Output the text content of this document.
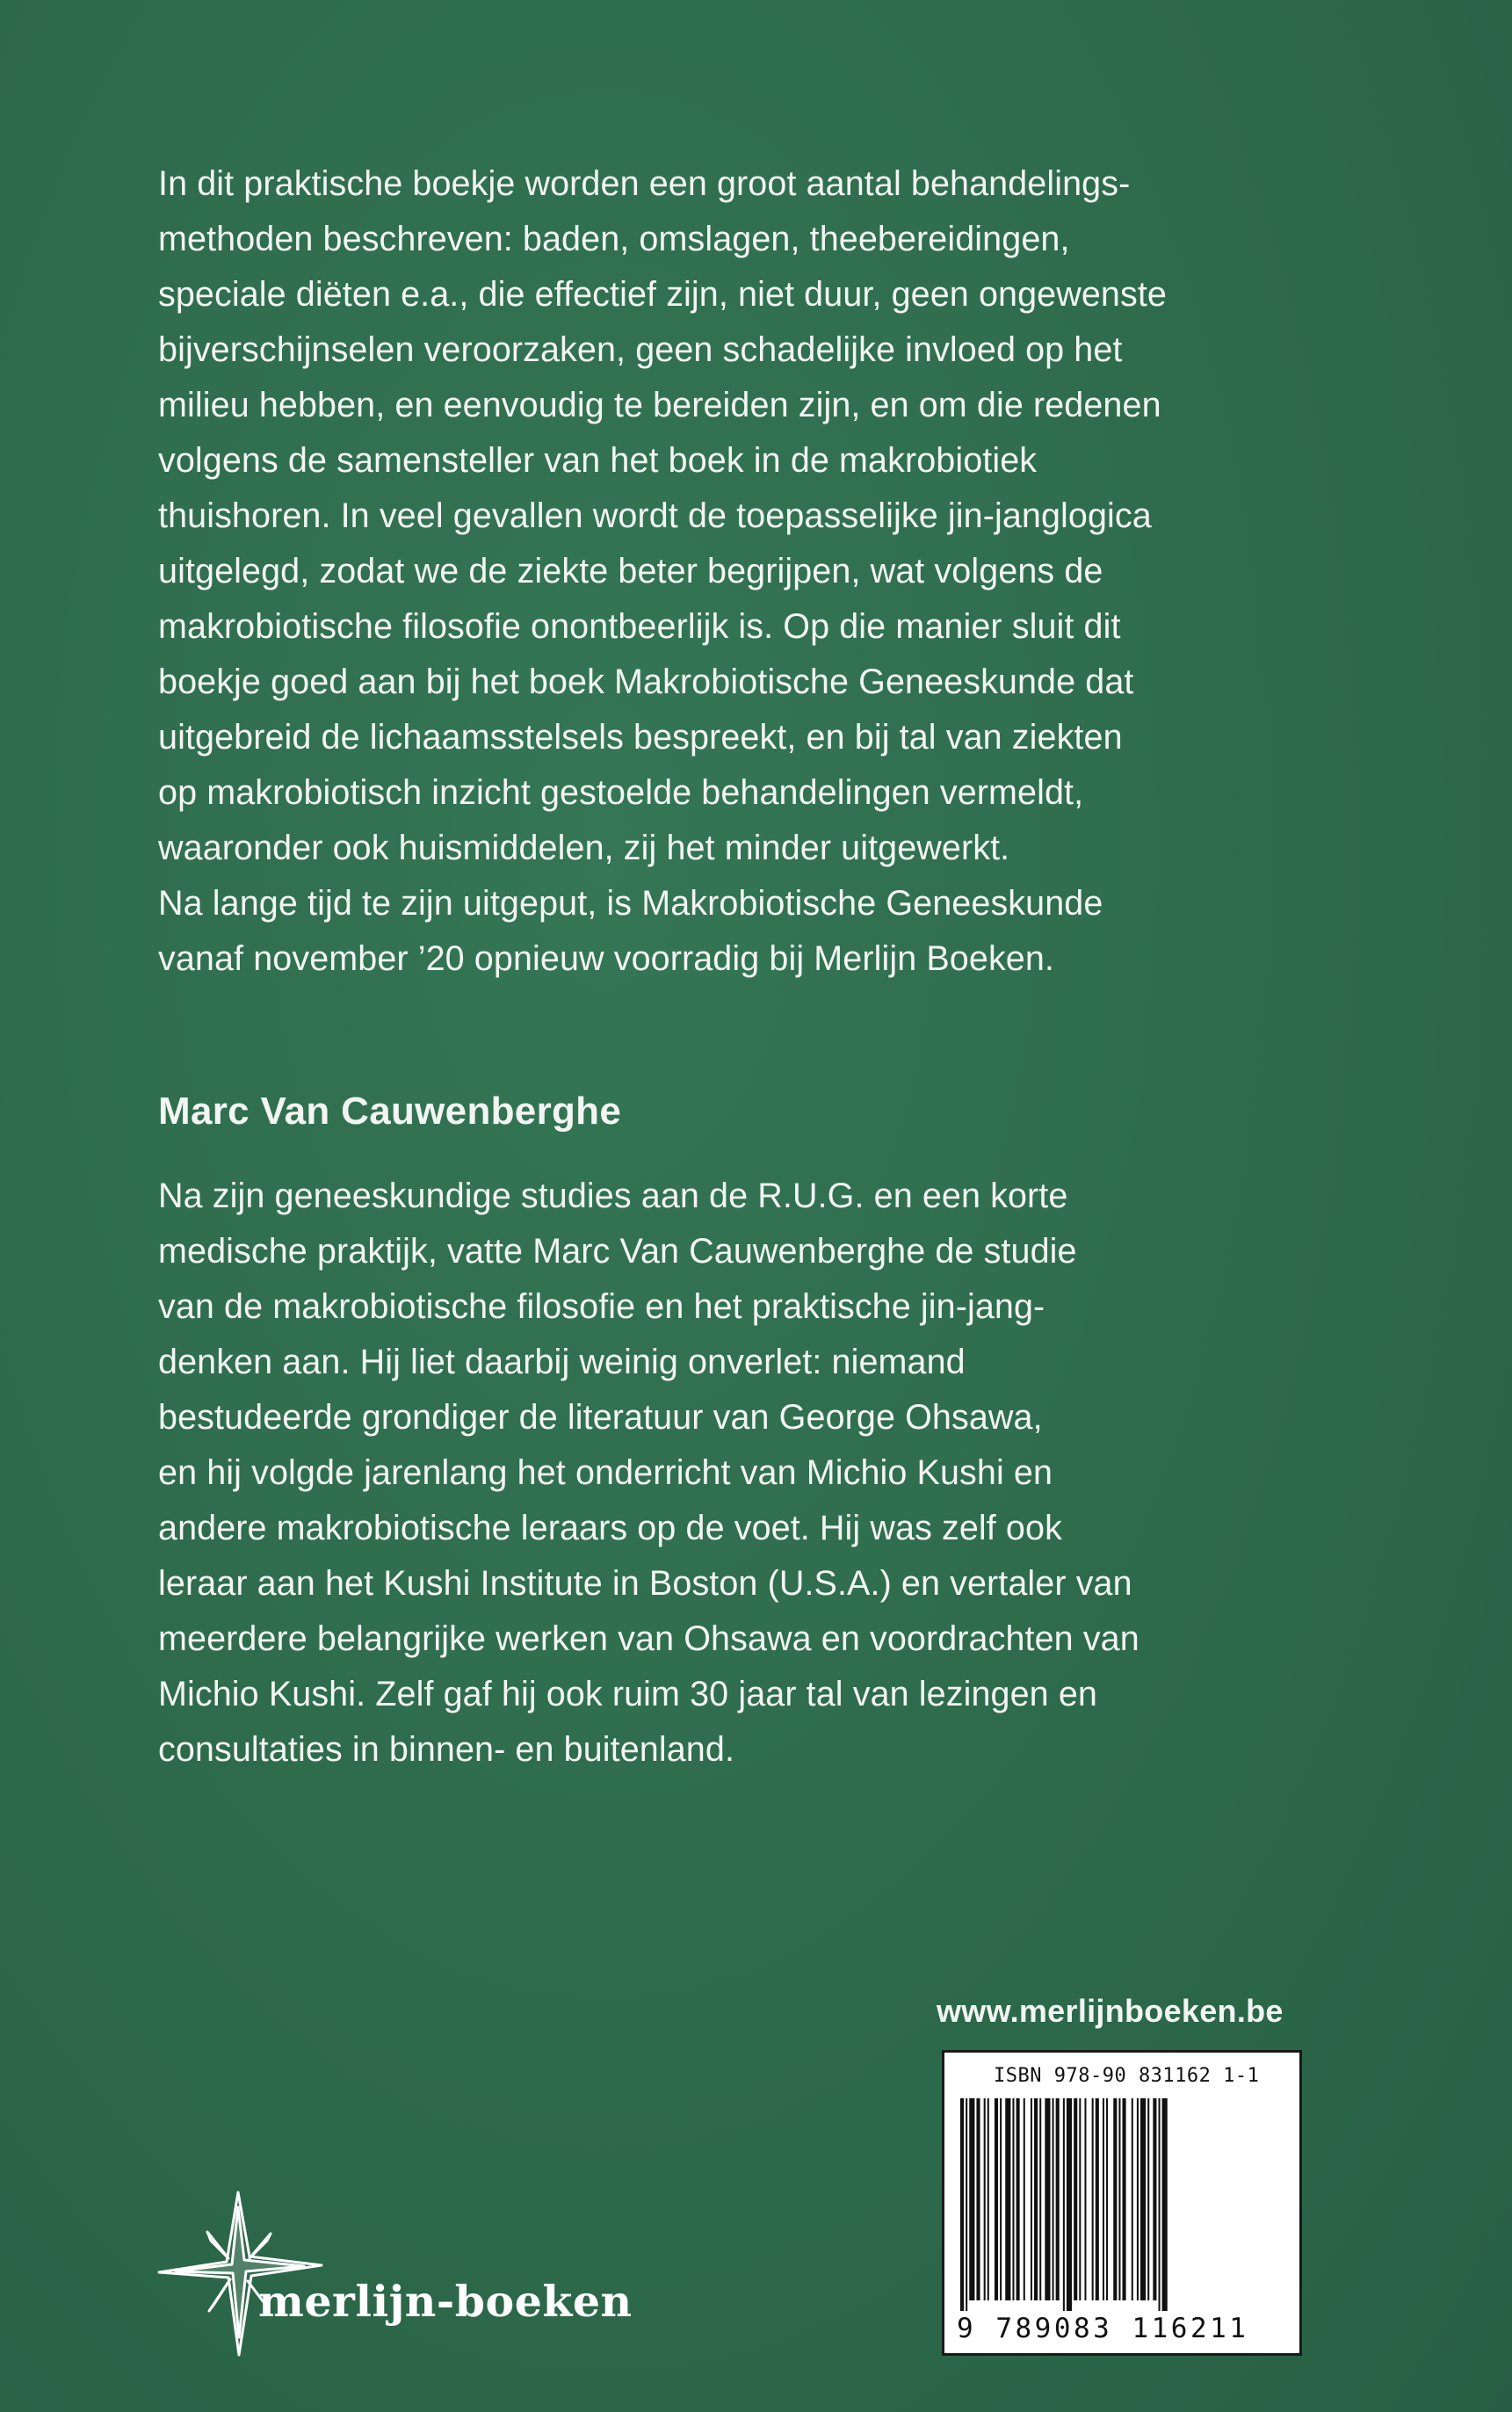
In dit praktische boekje worden een groot aantal behandelings-
methoden beschreven: baden, omslagen, theebereidingen,
speciale diëten e.a., die effectief zijn, niet duur, geen ongewenste
bijverschijnselen veroorzaken, geen schadelijke invloed op het
milieu hebben, en eenvoudig te bereiden zijn, en om die redenen
volgens de samensteller van het boek in de makrobiotiek
thuishoren. In veel gevallen wordt de toepasselijke jin-janglogica
uitgelegd, zodat we de ziekte beter begrijpen, wat volgens de
makrobiotische filosofie onontbeerlijk is. Op die manier sluit dit
boekje goed aan bij het boek Makrobiotische Geneeskunde dat
uitgebreid de lichaamsstelsels bespreekt, en bij tal van ziekten
op makrobiotisch inzicht gestoelde behandelingen vermeldt,
waaronder ook huismiddelen, zij het minder uitgewerkt.
Na lange tijd te zijn uitgeput, is Makrobiotische Geneeskunde
vanaf november ’20 opnieuw voorradig bij Merlijn Boeken.
Marc Van Cauwenberghe
Na zijn geneeskundige studies aan de R.U.G. en een korte
medische praktijk, vatte Marc Van Cauwenberghe de studie
van de makrobiotische filosofie en het praktische jin-jang-
denken aan. Hij liet daarbij weinig onverlet: niemand
bestudeerde grondiger de literatuur van George Ohsawa,
en hij volgde jarenlang het onderricht van Michio Kushi en
andere makrobiotische leraars op de voet. Hij was zelf ook
leraar aan het Kushi Institute in Boston (U.S.A.) en vertaler van
meerdere belangrijke werken van Ohsawa en voordrachten van
Michio Kushi. Zelf gaf hij ook ruim 30 jaar tal van lezingen en
consultaties in binnen- en buitenland.
www.merlijnboeken.be
ISBN 978-90 831162 1-1
9 789083 116211
merlijn-boeken
